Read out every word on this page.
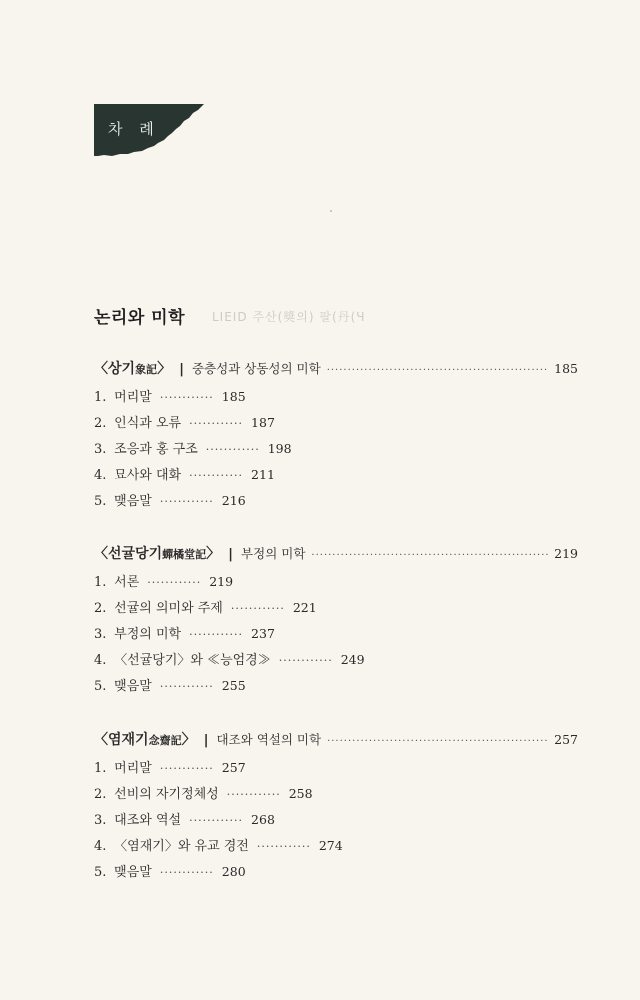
차 례
논리와 미학 LIEID 주산(獎의) 팔(丹(Ч
〈상기 象記 〉 | 중층성과 상동성의 미학 ·····	185
1. 머리말 ············ 185
2. 인식과 오류 ············ 187
3. 조응과 홍 구조 ············ 198
4. 묘사와 대화 ············ 211
5. 맺음말 ············ 216
〈선귤당기 蟬橘堂記 〉 | 부정의 미학 ·····	219
1. 서론 ············ 219
2. 선귤의 의미와 주제 ············ 221
3. 부정의 미학 ············ 237
4. 〈선귤당기〉와 ≪능엄경≫ ············ 249
5. 맺음말 ············ 255
〈염재기 念齋記 〉 | 대조와 역설의 미학 ·····	257
1. 머리말 ············ 257
2. 선비의 자기정체성 ············ 258
3. 대조와 역설 ············ 268
4. 〈염재기〉와 유교 경전 ············ 274
5. 맺음말 ············ 280
